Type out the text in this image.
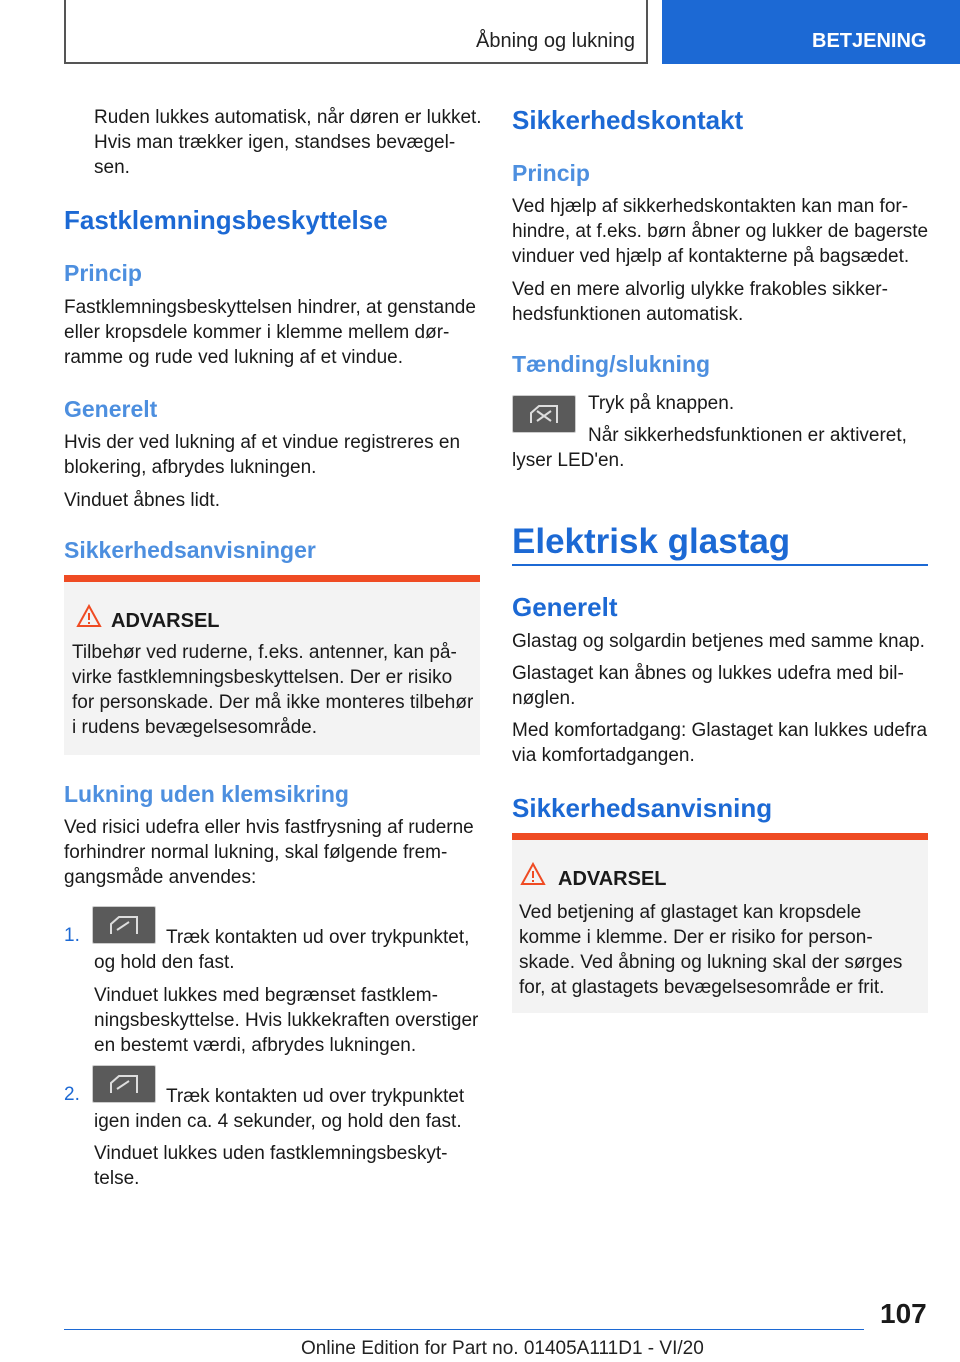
Åbning og lukning	BETJENING

Ruden lukkes automatisk, når døren er lukket. Hvis man trækker igen, standses bevægelsen.

Fastklemningsbeskyttelse
Princip

Fastklemningsbeskyttelsen hindrer, at genstande eller kropsdele kommer i klemme mellem dørramme og rude ved lukning af et vindue.

Generelt

Hvis der ved lukning af et vindue registreres en blokering, afbrydes lukningen.

Vinduet åbnes lidt.

Sikkerhedsanvisninger
ADVARSEL

Tilbehør ved ruderne, f.eks. antenner, kan påvirke fastklemningsbeskyttelsen. Der er risiko for personskade. Der må ikke monteres tilbehør i rudens bevægelsesområde.

Lukning uden klemsikring

Ved risici udefra eller hvis fastfrysning af ruderne forhindrer normal lukning, skal følgende fremgangsmåde anvendes:

1.	Træk kontakten ud over trykpunktet,

og hold den fast.

Vinduet lukkes med begrænset fastklemningsbeskyttelse. Hvis lukkekraften overstiger en bestemt værdi, afbrydes lukningen.

2.	Træk kontakten ud over trykpunktet

igen inden ca. 4 sekunder, og hold den fast.

Vinduet lukkes uden fastklemningsbeskyttelse.

Sikkerhedskontakt
Princip

Ved hjælp af sikkerhedskontakten kan man forhindre, at f.eks. børn åbner og lukker de bagerste vinduer ved hjælp af kontakterne på bagsædet.

Ved en mere alvorlig ulykke frakobles sikkerhedsfunktionen automatisk.

Tænding/slukning

Tryk på knappen.

Når sikkerhedsfunktionen er aktiveret,

lyser LED'en.

Elektrisk glastag
Generelt

Glastag og solgardin betjenes med samme knap.

Glastaget kan åbnes og lukkes udefra med bilnøglen.

Med komfortadgang: Glastaget kan lukkes udefra via komfortadgangen.

Sikkerhedsanvisning
ADVARSEL

Ved betjening af glastaget kan kropsdele komme i klemme. Der er risiko for personskade. Ved åbning og lukning skal der sørges for, at glastagets bevægelsesområde er frit.

107
Online Edition for Part no. 01405A111D1 - VI/20
